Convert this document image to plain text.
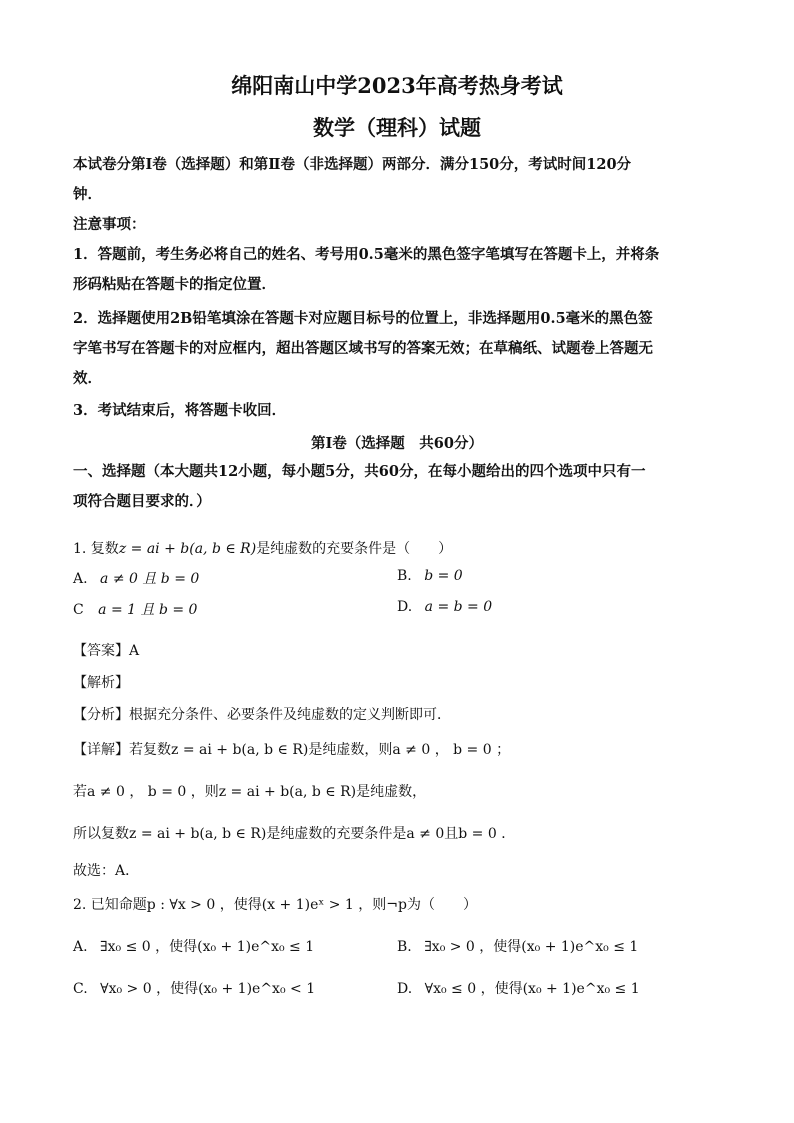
绵阳南山中学2023年高考热身考试
数学（理科）试题
本试卷分第Ⅰ卷（选择题）和第Ⅱ卷（非选择题）两部分．满分150分，考试时间120分
钟．
注意事项：
1．答题前，考生务必将自己的姓名、考号用0.5毫米的黑色签字笔填写在答题卡上，并将条
形码粘贴在答题卡的指定位置．
2．选择题使用2B铅笔填涂在答题卡对应题目标号的位置上，非选择题用0.5毫米的黑色签
字笔书写在答题卡的对应框内，超出答题区域书写的答案无效；在草稿纸、试题卷上答题无
效．
3．考试结束后，将答题卡收回．
第Ⅰ卷（选择题　共60分）
一、选择题（本大题共12小题，每小题5分，共60分，在每小题给出的四个选项中只有一
项符合题目要求的．）
1. 复数z = ai + b(a, b ∈ R)是纯虚数的充要条件是（　　）
A. a ≠ 0 且 b = 0	B. b = 0
C a = 1 且 b = 0	D. a = b = 0
【答案】A
【解析】
【分析】根据充分条件、必要条件及纯虚数的定义判断即可．
【详解】若复数z = ai + b(a, b ∈ R)是纯虚数，则a ≠ 0 ， b = 0 ；
若a ≠ 0 ， b = 0 ，则z = ai + b(a, b ∈ R)是纯虚数，
所以复数z = ai + b(a, b ∈ R)是纯虚数的充要条件是a ≠ 0且b = 0 ．
故选：A．
2. 已知命题p : ∀x > 0 ，使得(x + 1)eˣ > 1 ，则¬p为（　　）
A. ∃x₀ ≤ 0 ，使得(x₀ + 1)e^x₀ ≤ 1	B. ∃x₀ > 0 ，使得(x₀ + 1)e^x₀ ≤ 1
C. ∀x₀ > 0 ，使得(x₀ + 1)e^x₀ < 1	D. ∀x₀ ≤ 0 ，使得(x₀ + 1)e^x₀ ≤ 1
